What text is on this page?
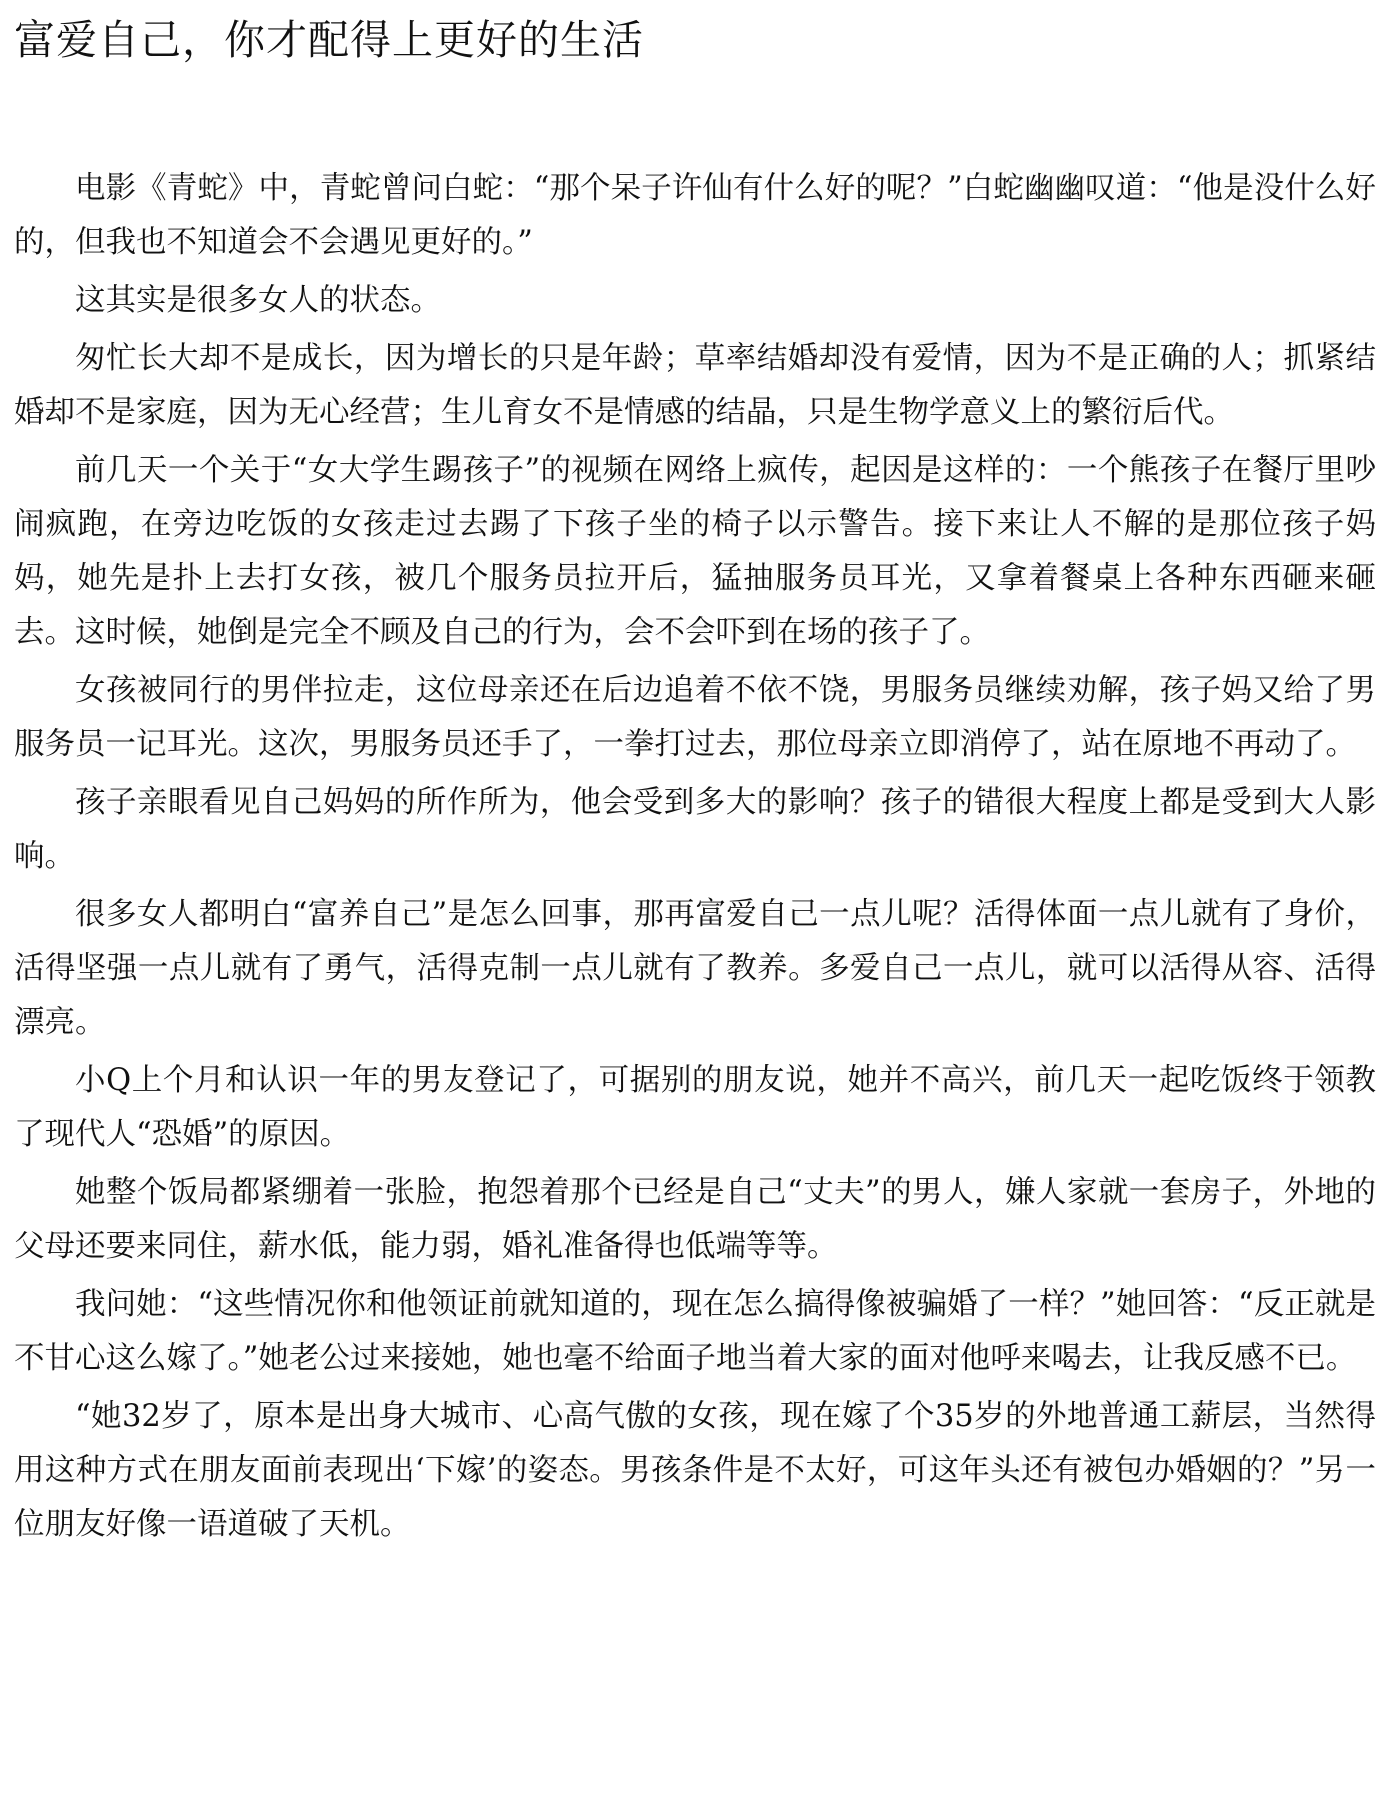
富爱自己，你才配得上更好的生活

电影《青蛇》中，青蛇曾问白蛇：“那个呆子许仙有什么好的呢？”白蛇幽幽叹道：“他是没什么好的，但我也不知道会不会遇见更好的。”

这其实是很多女人的状态。

匆忙长大却不是成长，因为增长的只是年龄；草率结婚却没有爱情，因为不是正确的人；抓紧结婚却不是家庭，因为无心经营；生儿育女不是情感的结晶，只是生物学意义上的繁衍后代。

前几天一个关于“女大学生踢孩子”的视频在网络上疯传，起因是这样的：一个熊孩子在餐厅里吵闹疯跑，在旁边吃饭的女孩走过去踢了下孩子坐的椅子以示警告。接下来让人不解的是那位孩子妈妈，她先是扑上去打女孩，被几个服务员拉开后，猛抽服务员耳光，又拿着餐桌上各种东西砸来砸去。这时候，她倒是完全不顾及自己的行为，会不会吓到在场的孩子了。

女孩被同行的男伴拉走，这位母亲还在后边追着不依不饶，男服务员继续劝解，孩子妈又给了男服务员一记耳光。这次，男服务员还手了，一拳打过去，那位母亲立即消停了，站在原地不再动了。

孩子亲眼看见自己妈妈的所作所为，他会受到多大的影响？孩子的错很大程度上都是受到大人影响。

很多女人都明白“富养自己”是怎么回事，那再富爱自己一点儿呢？活得体面一点儿就有了身价，活得坚强一点儿就有了勇气，活得克制一点儿就有了教养。多爱自己一点儿，就可以活得从容、活得漂亮。

小Q上个月和认识一年的男友登记了，可据别的朋友说，她并不高兴，前几天一起吃饭终于领教了现代人“恐婚”的原因。

她整个饭局都紧绷着一张脸，抱怨着那个已经是自己“丈夫”的男人，嫌人家就一套房子，外地的父母还要来同住，薪水低，能力弱，婚礼准备得也低端等等。

我问她：“这些情况你和他领证前就知道的，现在怎么搞得像被骗婚了一样？”她回答：“反正就是不甘心这么嫁了。”她老公过来接她，她也毫不给面子地当着大家的面对他呼来喝去，让我反感不已。

“她32岁了，原本是出身大城市、心高气傲的女孩，现在嫁了个35岁的外地普通工薪层，当然得用这种方式在朋友面前表现出‘下嫁’的姿态。男孩条件是不太好，可这年头还有被包办婚姻的？”另一位朋友好像一语道破了天机。
